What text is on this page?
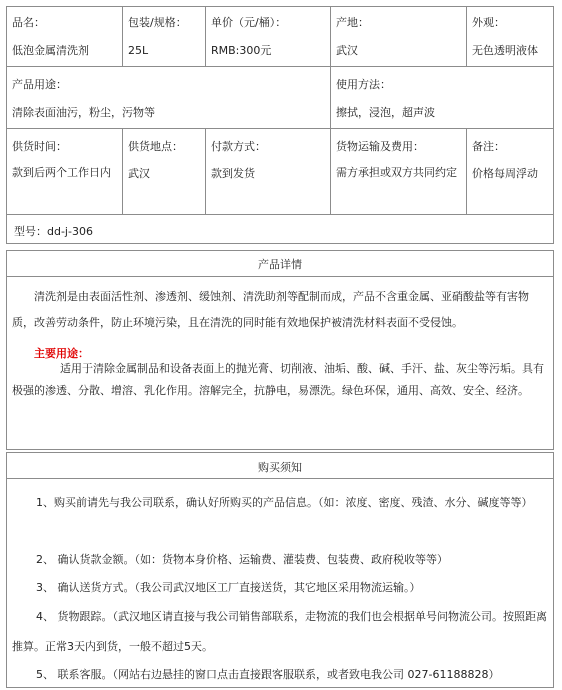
品名：
低泡金属清洗剂
包装/规格：
25L
单价（元/桶）：
RMB:300元
产地：
武汉
外观：
无色透明液体
产品用途：
清除表面油污，粉尘，污物等
使用方法：
擦拭，浸泡，超声波
供货时间：
款到后两个工作日内
供货地点：
武汉
付款方式：
款到发货
货物运输及费用：
需方承担或双方共同约定
备注：
价格每周浮动
型号：dd-j-306
产品详情
清洗剂是由表面活性剂、渗透剂、缓蚀剂、清洗助剂等配制而成，产品不含重金属、亚硝酸盐等有害物质，改善劳动条件，防止环境污染，且在清洗的同时能有效地保护被清洗材料表面不受侵蚀。
主要用途：
适用于清除金属制品和设备表面上的抛光膏、切削液、油垢、酸、碱、手汗、盐、灰尘等污垢。具有极强的渗透、分散、增溶、乳化作用。溶解完全，抗静电，易漂洗。绿色环保，通用、高效、安全、经济。
购买须知
1、购买前请先与我公司联系，确认好所购买的产品信息。（如：浓度、密度、残渣、水分、碱度等等）
2、 确认货款金额。（如：货物本身价格、运输费、灌装费、包装费、政府税收等等）
3、 确认送货方式。（我公司武汉地区工厂直接送货，其它地区采用物流运输。）
4、 货物跟踪。（武汉地区请直接与我公司销售部联系，走物流的我们也会根据单号问物流公司。按照距离推算。正常3天内到货，一般不超过5天。
5、 联系客服。（网站右边悬挂的窗口点击直接跟客服联系，或者致电我公司 027-61188828）
